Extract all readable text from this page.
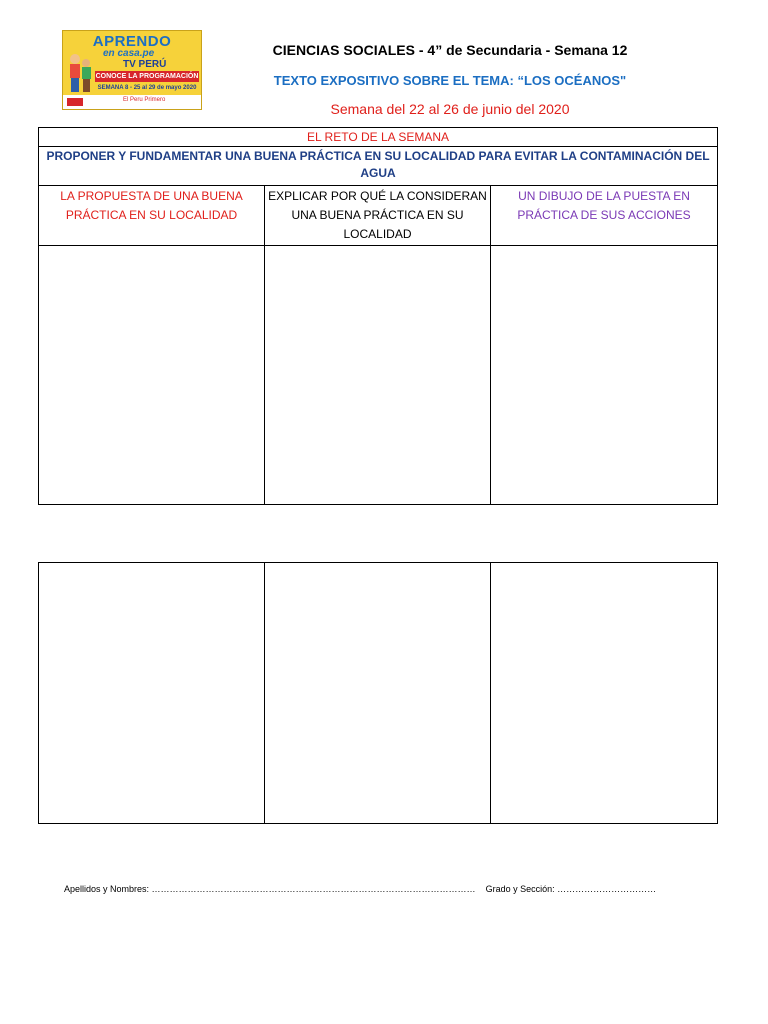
APRENDO
en casa.pe
TV PERÚ
CONOCE LA PROGRAMACIÓN
SEMANA 8 - 25 al 29 de mayo 2020
El Peru Primero
CIENCIAS SOCIALES - 4” de Secundaria - Semana 12
TEXTO EXPOSITIVO SOBRE EL TEMA: “LOS OCÉANOS"
Semana del 22 al 26 de junio del 2020
EL RETO DE LA SEMANA		
PROPONER Y FUNDAMENTAR UNA BUENA PRÁCTICA EN SU LOCALIDAD PARA EVITAR LA CONTAMINACIÓN DEL AGUA		
LA PROPUESTA DE UNA BUENA PRÁCTICA EN SU LOCALIDAD	EXPLICAR POR QUÉ LA CONSIDERAN UNA BUENA PRÁCTICA EN SU LOCALIDAD	UN DIBUJO DE LA PUESTA EN PRÁCTICA DE SUS ACCIONES

Apellidos y Nombres: ……………………………………………………………………………………………… Grado y Sección: ……………………………
